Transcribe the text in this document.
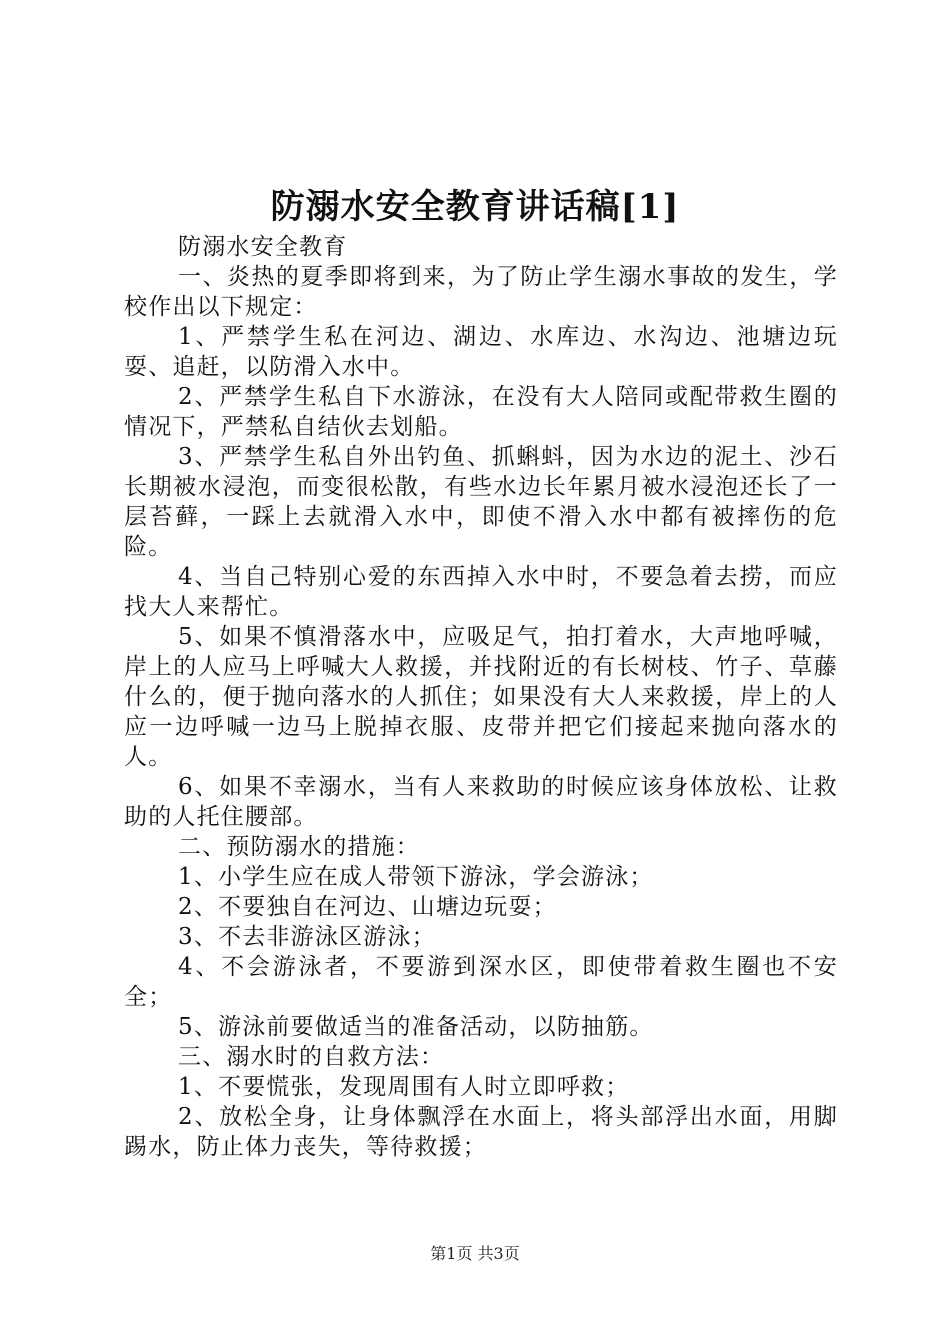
防溺水安全教育讲话稿[1]

防溺水安全教育

一、炎热的夏季即将到来，为了防止学生溺水事故的发生，学校作出以下规定：

1、严禁学生私在河边、湖边、水库边、水沟边、池塘边玩耍、追赶，以防滑入水中。

2、严禁学生私自下水游泳，在没有大人陪同或配带救生圈的情况下，严禁私自结伙去划船。

3、严禁学生私自外出钓鱼、抓蝌蚪，因为水边的泥土、沙石长期被水浸泡，而变很松散，有些水边长年累月被水浸泡还长了一层苔藓，一踩上去就滑入水中，即使不滑入水中都有被摔伤的危险。

4、当自己特别心爱的东西掉入水中时，不要急着去捞，而应找大人来帮忙。

5、如果不慎滑落水中，应吸足气，拍打着水，大声地呼喊，岸上的人应马上呼喊大人救援，并找附近的有长树枝、竹子、草藤什么的，便于抛向落水的人抓住；如果没有大人来救援，岸上的人应一边呼喊一边马上脱掉衣服、皮带并把它们接起来抛向落水的人。

6、如果不幸溺水，当有人来救助的时候应该身体放松、让救助的人托住腰部。

二、预防溺水的措施：

1、小学生应在成人带领下游泳，学会游泳；

2、不要独自在河边、山塘边玩耍；

3、不去非游泳区游泳；

4、不会游泳者，不要游到深水区，即使带着救生圈也不安全；

5、游泳前要做适当的准备活动，以防抽筋。

三、溺水时的自救方法：

1、不要慌张，发现周围有人时立即呼救；

2、放松全身，让身体飘浮在水面上，将头部浮出水面，用脚踢水，防止体力丧失，等待救援；

第1页 共3页
